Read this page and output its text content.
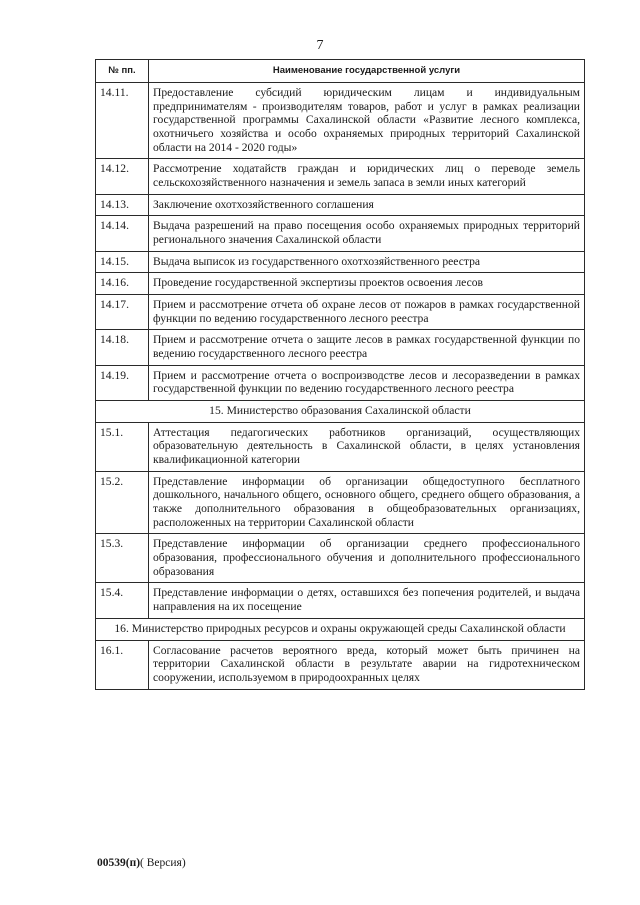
7
№ пп.	Наименование государственной услуги
14.11.	Предоставление субсидий юридическим лицам и индивидуальным предпринимателям - производителям товаров, работ и услуг в рамках реализации государственной программы Сахалинской области «Развитие лесного комплекса, охотничьего хозяйства и особо охраняемых природных территорий Сахалинской области на 2014 - 2020 годы»
14.12.	Рассмотрение ходатайств граждан и юридических лиц о переводе земель сельскохозяйственного назначения и земель запаса в земли иных категорий
14.13.	Заключение охотхозяйственного соглашения
14.14.	Выдача разрешений на право посещения особо охраняемых природных территорий регионального значения Сахалинской области
14.15.	Выдача выписок из государственного охотхозяйственного реестра
14.16.	Проведение государственной экспертизы проектов освоения лесов
14.17.	Прием и рассмотрение отчета об охране лесов от пожаров в рамках государственной функции по ведению государственного лесного реестра
14.18.	Прием и рассмотрение отчета о защите лесов в рамках государственной функции по ведению государственного лесного реестра
14.19.	Прием и рассмотрение отчета о воспроизводстве лесов и лесоразведении в рамках государственной функции по ведению государственного лесного реестра
15. Министерство образования Сахалинской области	
15.1.	Аттестация педагогических работников организаций, осуществляющих образовательную деятельность в Сахалинской области, в целях установления квалификационной категории
15.2.	Представление информации об организации общедоступного бесплатного дошкольного, начального общего, основного общего, среднего общего образования, а также дополнительного образования в общеобразовательных организациях, расположенных на территории Сахалинской области
15.3.	Представление информации об организации среднего профессионального образования, профессионального обучения и дополнительного профессионального образования
15.4.	Представление информации о детях, оставшихся без попечения родителей, и выдача направления на их посещение
16. Министерство природных ресурсов и охраны окружающей среды Сахалинской области	
16.1.	Согласование расчетов вероятного вреда, который может быть причинен на территории Сахалинской области в результате аварии на гидротехническом сооружении, используемом в природоохранных целях
00539(п)( Версия)
